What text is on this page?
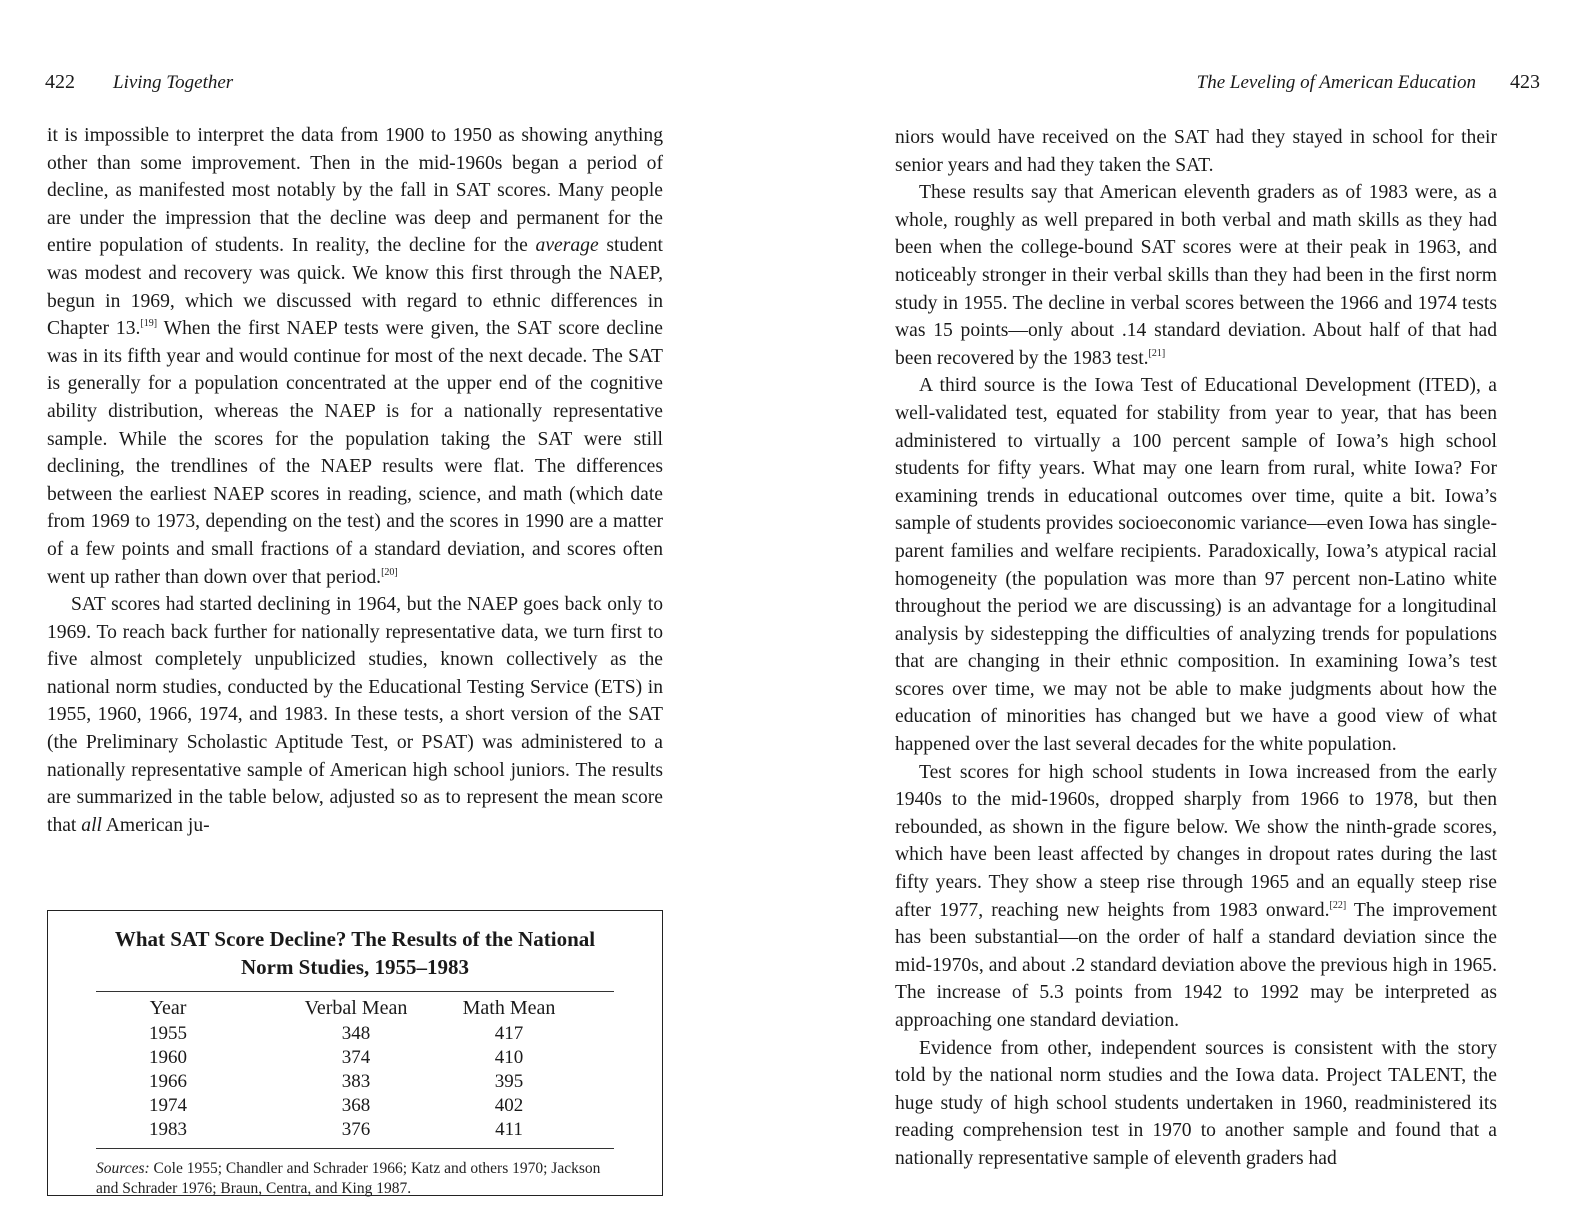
422 Living Together

it is impossible to interpret the data from 1900 to 1950 as showing anything other than some improvement. Then in the mid-1960s began a period of decline, as manifested most notably by the fall in SAT scores. Many people are under the impression that the decline was deep and permanent for the entire population of students. In reality, the decline for the average student was modest and recovery was quick. We know this first through the NAEP, begun in 1969, which we discussed with regard to ethnic differences in Chapter 13.[19] When the first NAEP tests were given, the SAT score decline was in its fifth year and would continue for most of the next decade. The SAT is generally for a population concentrated at the upper end of the cognitive ability distribution, whereas the NAEP is for a nationally representative sample. While the scores for the population taking the SAT were still declining, the trendlines of the NAEP results were flat. The differences between the earliest NAEP scores in reading, science, and math (which date from 1969 to 1973, depending on the test) and the scores in 1990 are a matter of a few points and small fractions of a standard deviation, and scores often went up rather than down over that period.[20]

SAT scores had started declining in 1964, but the NAEP goes back only to 1969. To reach back further for nationally representative data, we turn first to five almost completely unpublicized studies, known collectively as the national norm studies, conducted by the Educational Testing Service (ETS) in 1955, 1960, 1966, 1974, and 1983. In these tests, a short version of the SAT (the Preliminary Scholastic Aptitude Test, or PSAT) was administered to a nationally representative sample of American high school juniors. The results are summarized in the table below, adjusted so as to represent the mean score that all American ju-

What SAT Score Decline? The Results of the National Norm Studies, 1955–1983
Year	Verbal Mean	Math Mean	
1955	348	417	
1960	374	410	
1966	383	395	
1974	368	402	
1983	376	411	
Sources: Cole 1955; Chandler and Schrader 1966; Katz and others 1970; Jackson and Schrader 1976; Braun, Centra, and King 1987.
The Leveling of American Education 423

niors would have received on the SAT had they stayed in school for their senior years and had they taken the SAT.

These results say that American eleventh graders as of 1983 were, as a whole, roughly as well prepared in both verbal and math skills as they had been when the college-bound SAT scores were at their peak in 1963, and noticeably stronger in their verbal skills than they had been in the first norm study in 1955. The decline in verbal scores between the 1966 and 1974 tests was 15 points—only about .14 standard deviation. About half of that had been recovered by the 1983 test.[21]

A third source is the Iowa Test of Educational Development (ITED), a well-validated test, equated for stability from year to year, that has been administered to virtually a 100 percent sample of Iowa’s high school students for fifty years. What may one learn from rural, white Iowa? For examining trends in educational outcomes over time, quite a bit. Iowa’s sample of students provides socioeconomic variance—even Iowa has single-parent families and welfare recipients. Paradoxically, Iowa’s atypical racial homogeneity (the population was more than 97 percent non-Latino white throughout the period we are discussing) is an advantage for a longitudinal analysis by sidestepping the difficulties of analyzing trends for populations that are changing in their ethnic composition. In examining Iowa’s test scores over time, we may not be able to make judgments about how the education of minorities has changed but we have a good view of what happened over the last several decades for the white population.

Test scores for high school students in Iowa increased from the early 1940s to the mid-1960s, dropped sharply from 1966 to 1978, but then rebounded, as shown in the figure below. We show the ninth-grade scores, which have been least affected by changes in dropout rates during the last fifty years. They show a steep rise through 1965 and an equally steep rise after 1977, reaching new heights from 1983 onward.[22] The improvement has been substantial—on the order of half a standard deviation since the mid-1970s, and about .2 standard deviation above the previous high in 1965. The increase of 5.3 points from 1942 to 1992 may be interpreted as approaching one standard deviation.

Evidence from other, independent sources is consistent with the story told by the national norm studies and the Iowa data. Project TALENT, the huge study of high school students undertaken in 1960, readministered its reading comprehension test in 1970 to another sample and found that a nationally representative sample of eleventh graders had
